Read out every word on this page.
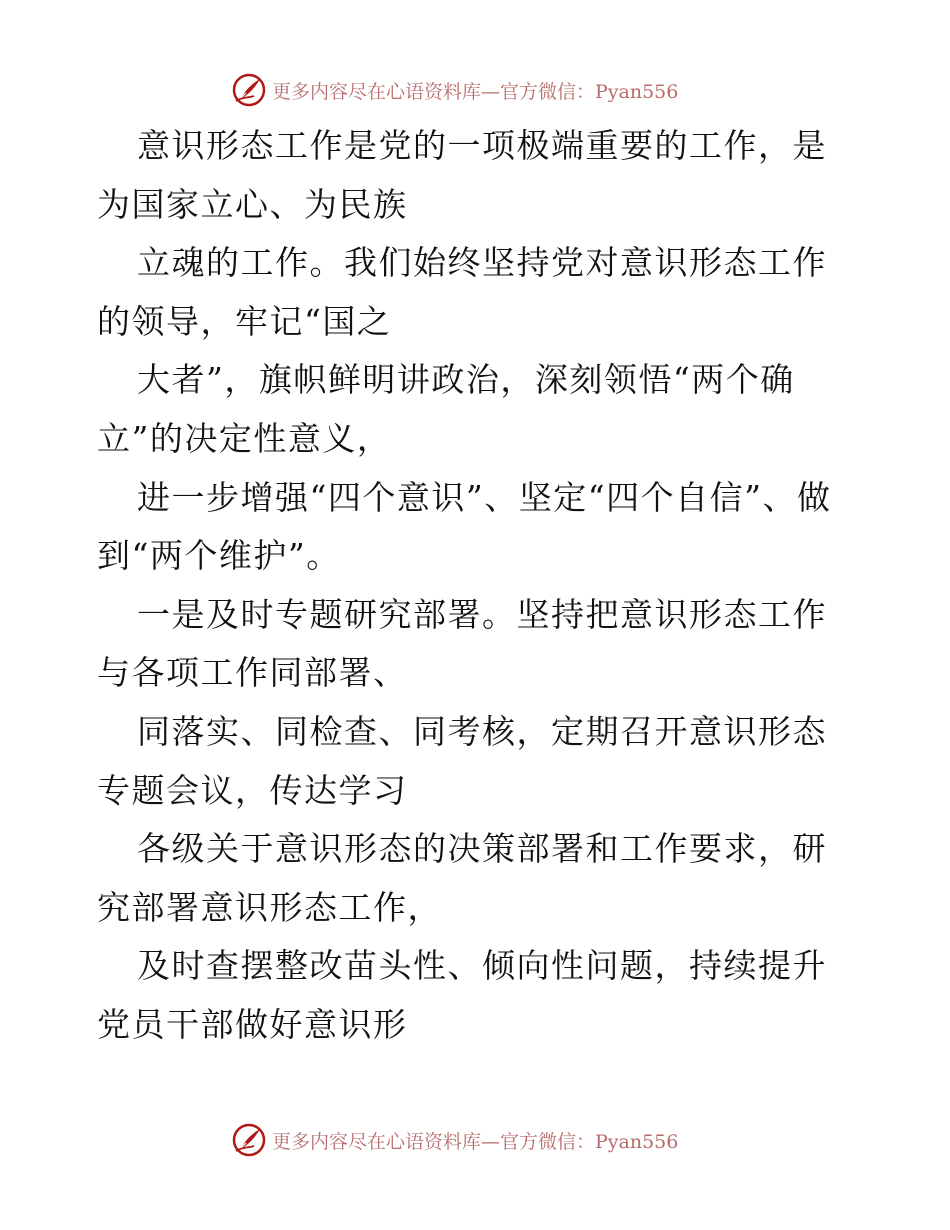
更多内容尽在心语资料库—官方微信：Pyan556

意识形态工作是党的一项极端重要的工作，是为国家立心、为民族

立魂的工作。我们始终坚持党对意识形态工作的领导，牢记“国之

大者”，旗帜鲜明讲政治，深刻领悟“两个确立”的决定性意义，

进一步增强“四个意识”、坚定“四个自信”、做到“两个维护”。

一是及时专题研究部署。坚持把意识形态工作与各项工作同部署、

同落实、同检查、同考核，定期召开意识形态专题会议，传达学习

各级关于意识形态的决策部署和工作要求，研究部署意识形态工作，

及时查摆整改苗头性、倾向性问题，持续提升党员干部做好意识形

更多内容尽在心语资料库—官方微信：Pyan556
